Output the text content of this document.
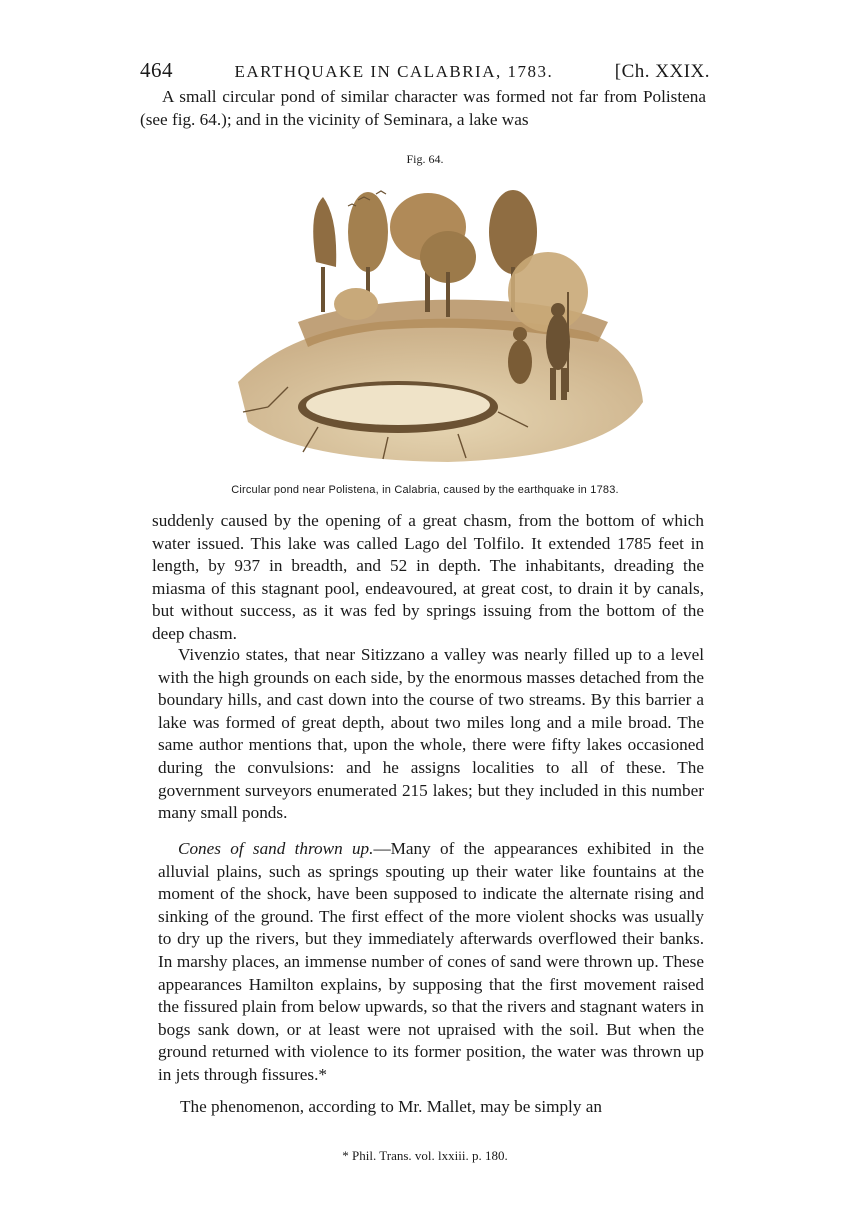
464	EARTHQUAKE IN CALABRIA, 1783.	[Ch. XXIX.

A small circular pond of similar character was formed not far from Polistena (see fig. 64.); and in the vicinity of Seminara, a lake was

Fig. 64.
Circular pond near Polistena, in Calabria, caused by the earthquake in 1783.

suddenly caused by the opening of a great chasm, from the bottom of which water issued. This lake was called Lago del Tolfilo. It extended 1785 feet in length, by 937 in breadth, and 52 in depth. The inhabitants, dreading the miasma of this stagnant pool, endeavoured, at great cost, to drain it by canals, but without success, as it was fed by springs issuing from the bottom of the deep chasm.

Vivenzio states, that near Sitizzano a valley was nearly filled up to a level with the high grounds on each side, by the enormous masses detached from the boundary hills, and cast down into the course of two streams. By this barrier a lake was formed of great depth, about two miles long and a mile broad. The same author mentions that, upon the whole, there were fifty lakes occasioned during the convulsions: and he assigns localities to all of these. The government surveyors enumerated 215 lakes; but they included in this number many small ponds.

Cones of sand thrown up.—Many of the appearances exhibited in the alluvial plains, such as springs spouting up their water like fountains at the moment of the shock, have been supposed to indicate the alternate rising and sinking of the ground. The first effect of the more violent shocks was usually to dry up the rivers, but they immediately afterwards overflowed their banks. In marshy places, an immense number of cones of sand were thrown up. These appearances Hamilton explains, by supposing that the first movement raised the fissured plain from below upwards, so that the rivers and stagnant waters in bogs sank down, or at least were not upraised with the soil. But when the ground returned with violence to its former position, the water was thrown up in jets through fissures.*

The phenomenon, according to Mr. Mallet, may be simply an

* Phil. Trans. vol. lxxiii. p. 180.
